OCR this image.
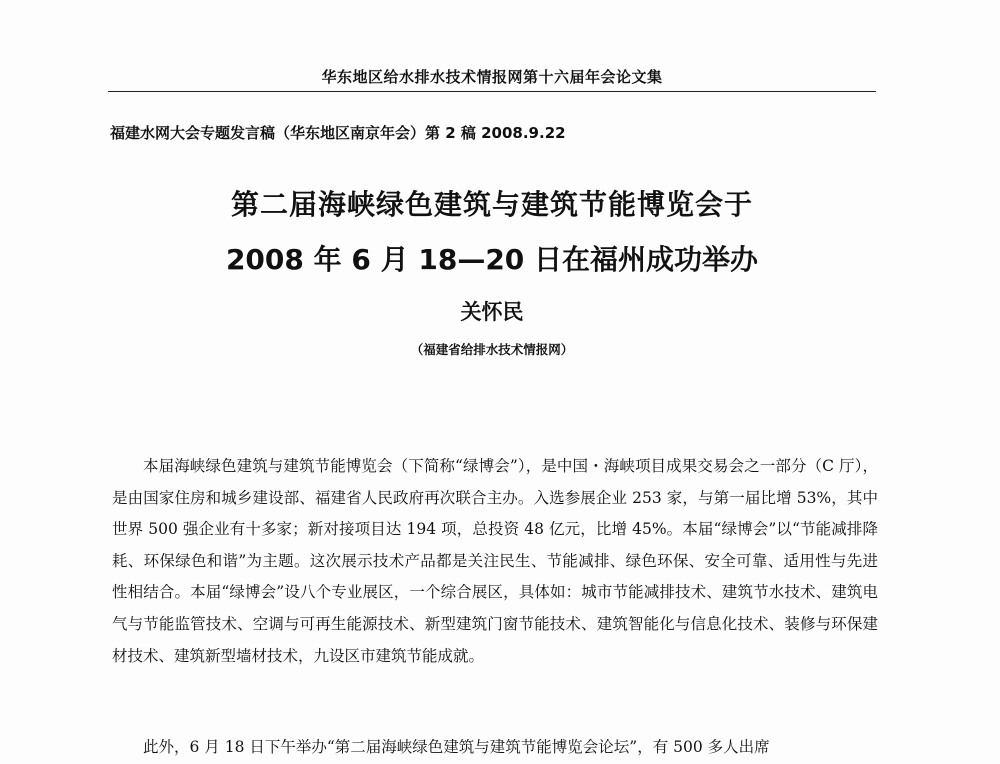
华东地区给水排水技术情报网第十六届年会论文集
福建水网大会专题发言稿（华东地区南京年会）第 2 稿 2008.9.22
第二届海峡绿色建筑与建筑节能博览会于
2008 年 6 月 18—20 日在福州成功举办
关怀民
（福建省给排水技术情报网）

本届海峡绿色建筑与建筑节能博览会（下简称“绿博会”），是中国・海峡项目成果交易会之一部分（C 厅），是由国家住房和城乡建设部、福建省人民政府再次联合主办。入选参展企业 253 家，与第一届比增 53%，其中世界 500 强企业有十多家；新对接项目达 194 项，总投资 48 亿元，比增 45%。本届“绿博会”以“节能减排降耗、环保绿色和谐”为主题。这次展示技术产品都是关注民生、节能减排、绿色环保、安全可靠、适用性与先进性相结合。本届“绿博会”设八个专业展区，一个综合展区，具体如：城市节能减排技术、建筑节水技术、建筑电气与节能监管技术、空调与可再生能源技术、新型建筑门窗节能技术、建筑智能化与信息化技术、装修与环保建材技术、建筑新型墙材技术，九设区市建筑节能成就。

此外，6 月 18 日下午举办“第二届海峡绿色建筑与建筑节能博览会论坛”，有 500 多人出席
